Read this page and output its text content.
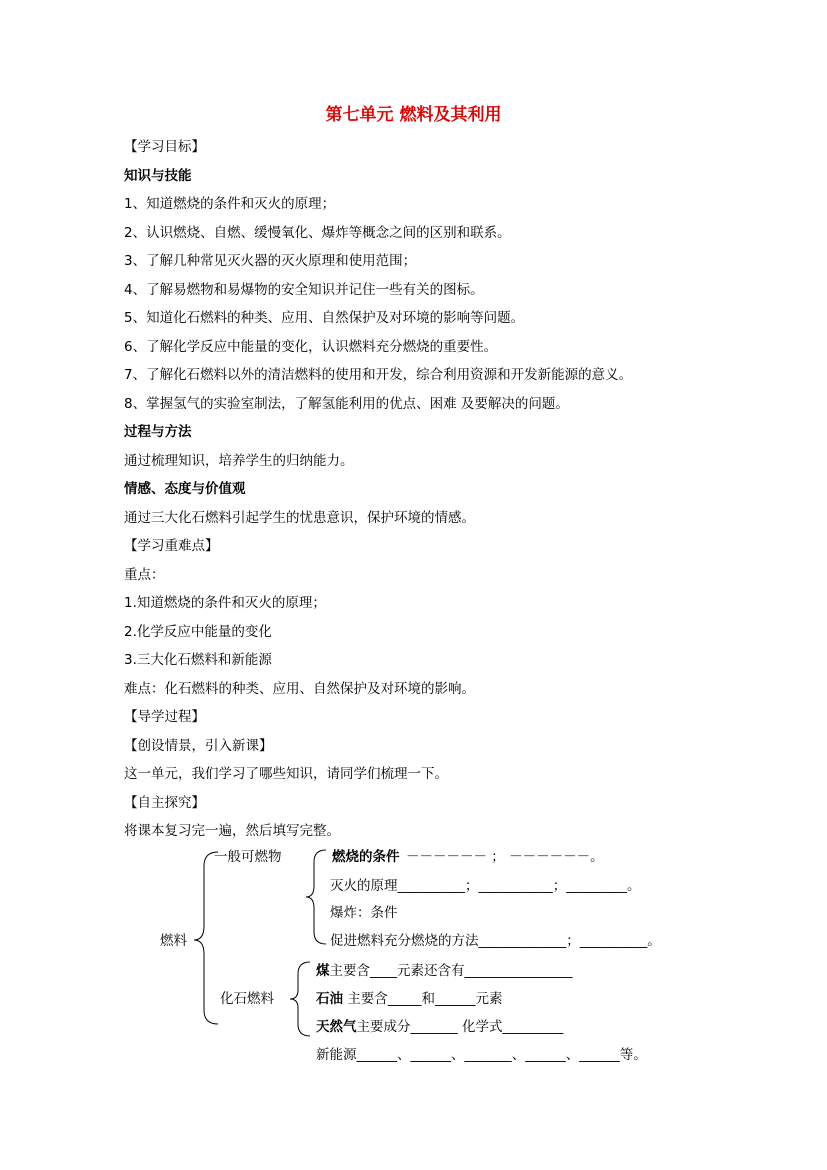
第七单元 燃料及其利用
【学习目标】
知识与技能
1、知道燃烧的条件和灭火的原理；
2、认识燃烧、自燃、缓慢氧化、爆炸等概念之间的区别和联系。
3、了解几种常见灭火器的灭火原理和使用范围；
4、了解易燃物和易爆物的安全知识并记住一些有关的图标。
5、知道化石燃料的种类、应用、自然保护及对环境的影响等问题。
6、了解化学反应中能量的变化，认识燃料充分燃烧的重要性。
7、了解化石燃料以外的清洁燃料的使用和开发，综合利用资源和开发新能源的意义。
8、掌握氢气的实验室制法，了解氢能利用的优点、困难 及要解决的问题。
过程与方法
通过梳理知识，培养学生的归纳能力。
情感、态度与价值观
通过三大化石燃料引起学生的忧患意识，保护环境的情感。
【学习重难点】
重点：
1.知道燃烧的条件和灭火的原理；
2.化学反应中能量的变化
3.三大化石燃料和新能源
难点：化石燃料的种类、应用、自然保护及对环境的影响。
【导学过程】
【创设情景，引入新课】
这一单元，我们学习了哪些知识，请同学们梳理一下。
【自主探究】
将课本复习完一遍，然后填写完整。
燃料
一般可燃物	燃烧的条件 －－－－－－ ； －－－－－－。
灭火的原理__________；___________；_________。
爆炸：条件
促进燃料充分燃烧的方法_____________；__________。
化石燃料
煤主要含____元素还含有________________
石油 主要含_____和______元素
天然气主要成分_______ 化学式_________
新能源______、______、_______、______、______等。
